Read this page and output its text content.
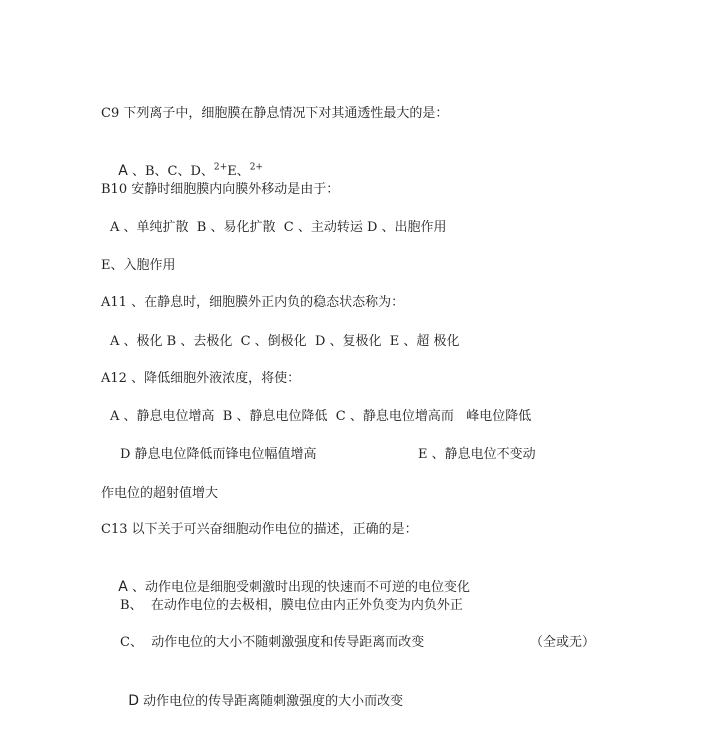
C9 下列离子中，细胞膜在静息情况下对其通透性最大的是：

A 、B、C、D、$^{2+}$E、$^{2+}$

B10 安静时细胞膜内向膜外移动是由于：
A 、单纯扩散  B 、易化扩散  C 、主动转运 D 、出胞作用
E、入胞作用
A11 、在静息时，细胞膜外正内负的稳态状态称为：
A 、极化 B 、去极化  C 、倒极化  D 、复极化  E 、超 极化
A12 、降低细胞外液浓度，将使：
A 、静息电位增高  B 、静息电位降低  C 、静息电位增高而   峰电位降低
D 静息电位降低而锋电位幅值增高	E 、静息电位不变动
作电位的超射值增大
C13 以下关于可兴奋细胞动作电位的描述，正确的是：

A 、动作电位是细胞受刺激时出现的快速而不可逆的电位变化

B、  在动作电位的去极相，膜电位由内正外负变为内负外正
C、  动作电位的大小不随刺激强度和传导距离而改变	（全或无）

D 动作电位的传导距离随刺激强度的大小而改变
